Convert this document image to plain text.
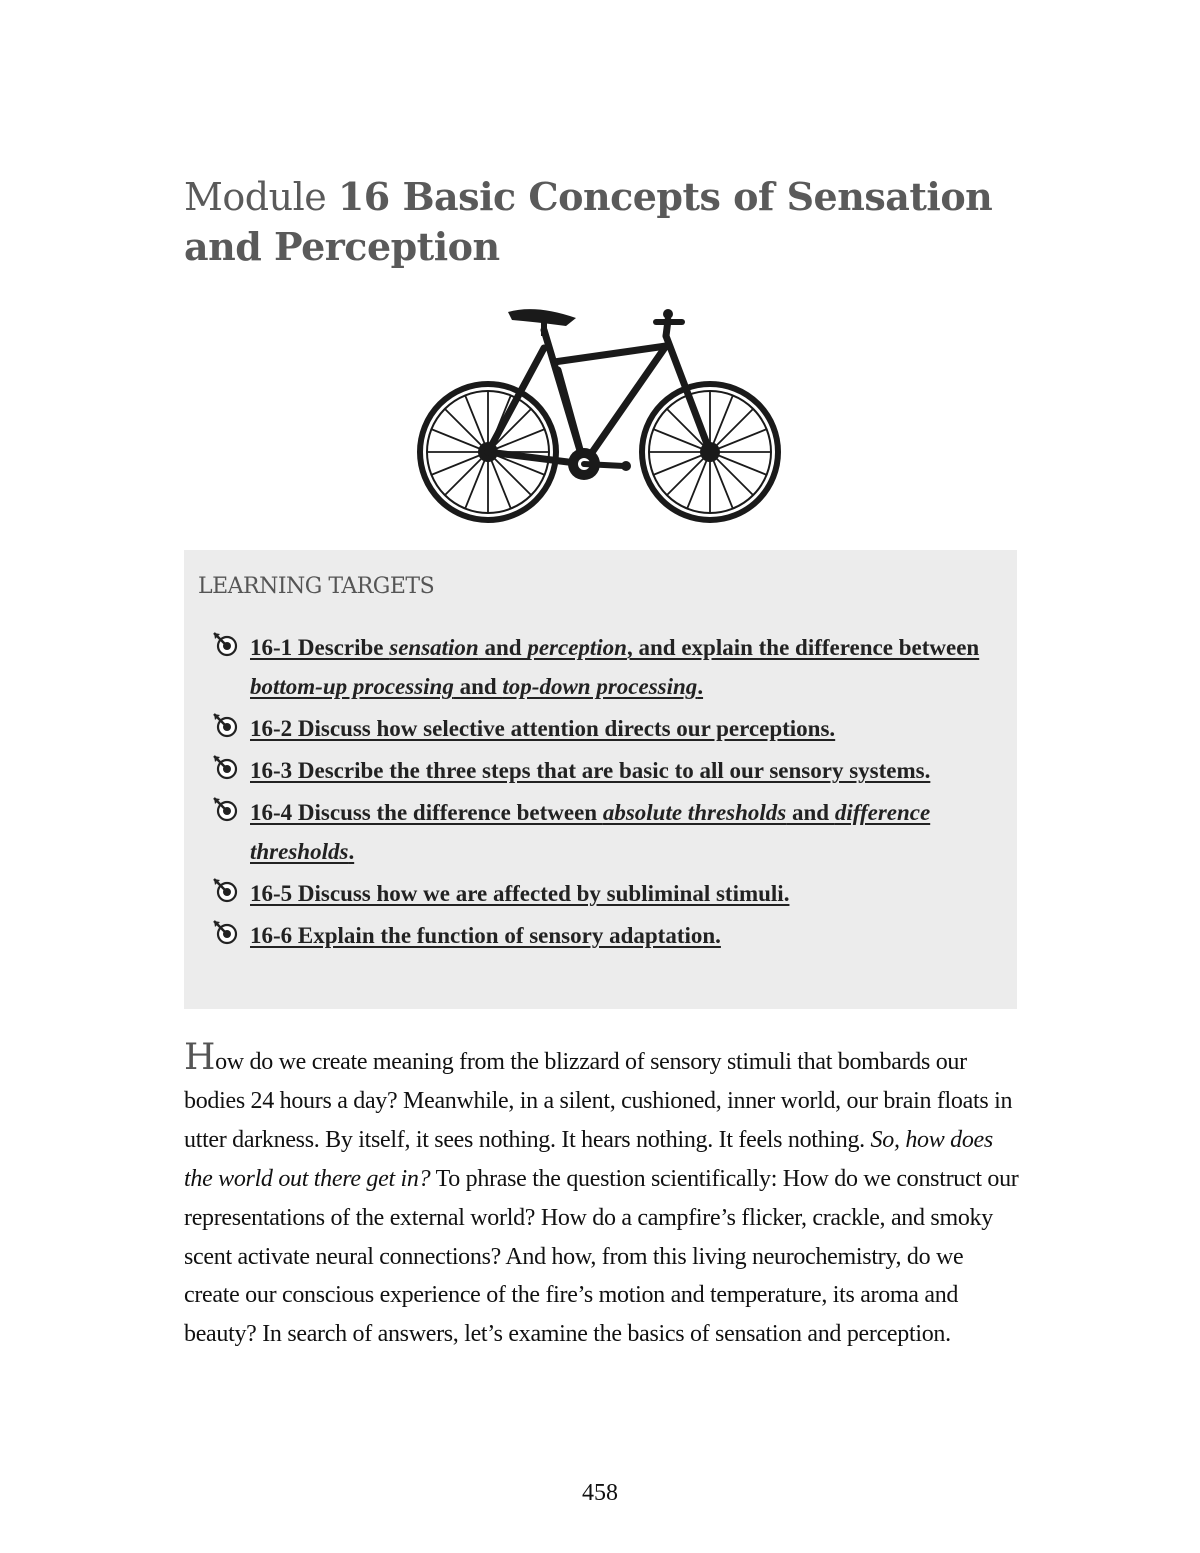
Module 16 Basic Concepts of Sensation and Perception
LEARNING TARGETS
16-1 Describe sensation and perception, and explain the difference between bottom-up processing and top-down processing.
16-2 Discuss how selective attention directs our perceptions.
16-3 Describe the three steps that are basic to all our sensory systems.
16-4 Discuss the difference between absolute thresholds and difference thresholds.
16-5 Discuss how we are affected by subliminal stimuli.
16-6 Explain the function of sensory adaptation.

How do we create meaning from the blizzard of sensory stimuli that bombards our bodies 24 hours a day? Meanwhile, in a silent, cushioned, inner world, our brain floats in utter darkness. By itself, it sees nothing. It hears nothing. It feels nothing. So, how does the world out there get in? To phrase the question scientifically: How do we construct our representations of the external world? How do a campfire’s flicker, crackle, and smoky scent activate neural connections? And how, from this living neurochemistry, do we create our conscious experience of the fire’s motion and temperature, its aroma and beauty? In search of answers, let’s examine the basics of sensation and perception.

458
